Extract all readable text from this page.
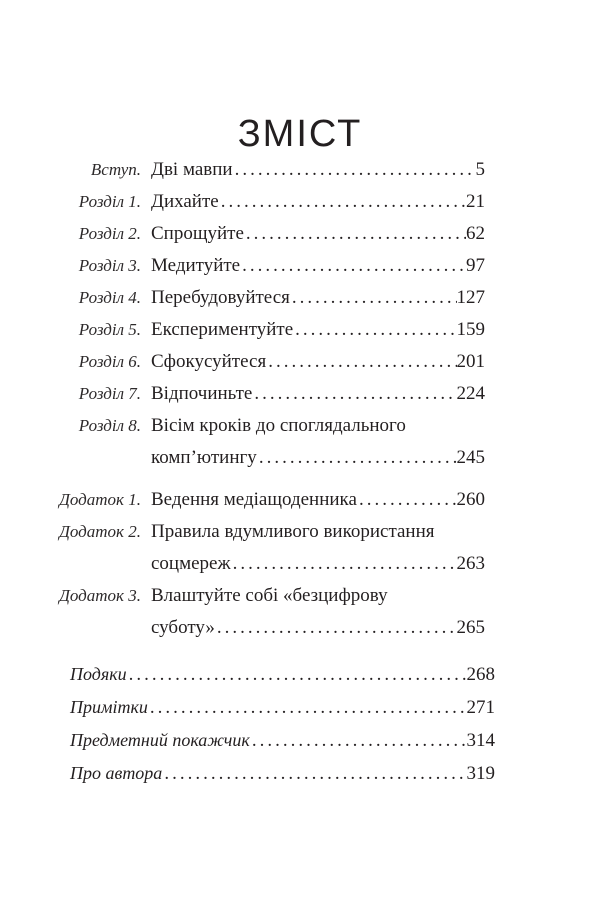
ЗМІСТ
Вступ. Дві мавпи .....	5
Розділ 1. Дихайте .....	21
Розділ 2. Спрощуйте .....	62
Розділ 3. Медитуйте .....	97
Розділ 4. Перебудовуйтеся .....	127
Розділ 5. Експериментуйте .....	159
Розділ 6. Сфокусуйтеся .....	201
Розділ 7. Відпочиньте .....	224
Розділ 8. Вісім кроків до споглядального
комп’ютингу .....	245
Додаток 1. Ведення медіащоденника .....	260
Додаток 2. Правила вдумливого використання
соцмереж .....	263
Додаток 3. Влаштуйте собі «безцифрову
суботу» .....	265
Подяки .....	268
Примітки .....	271
Предметний покажчик .....	314
Про автора .....	319
